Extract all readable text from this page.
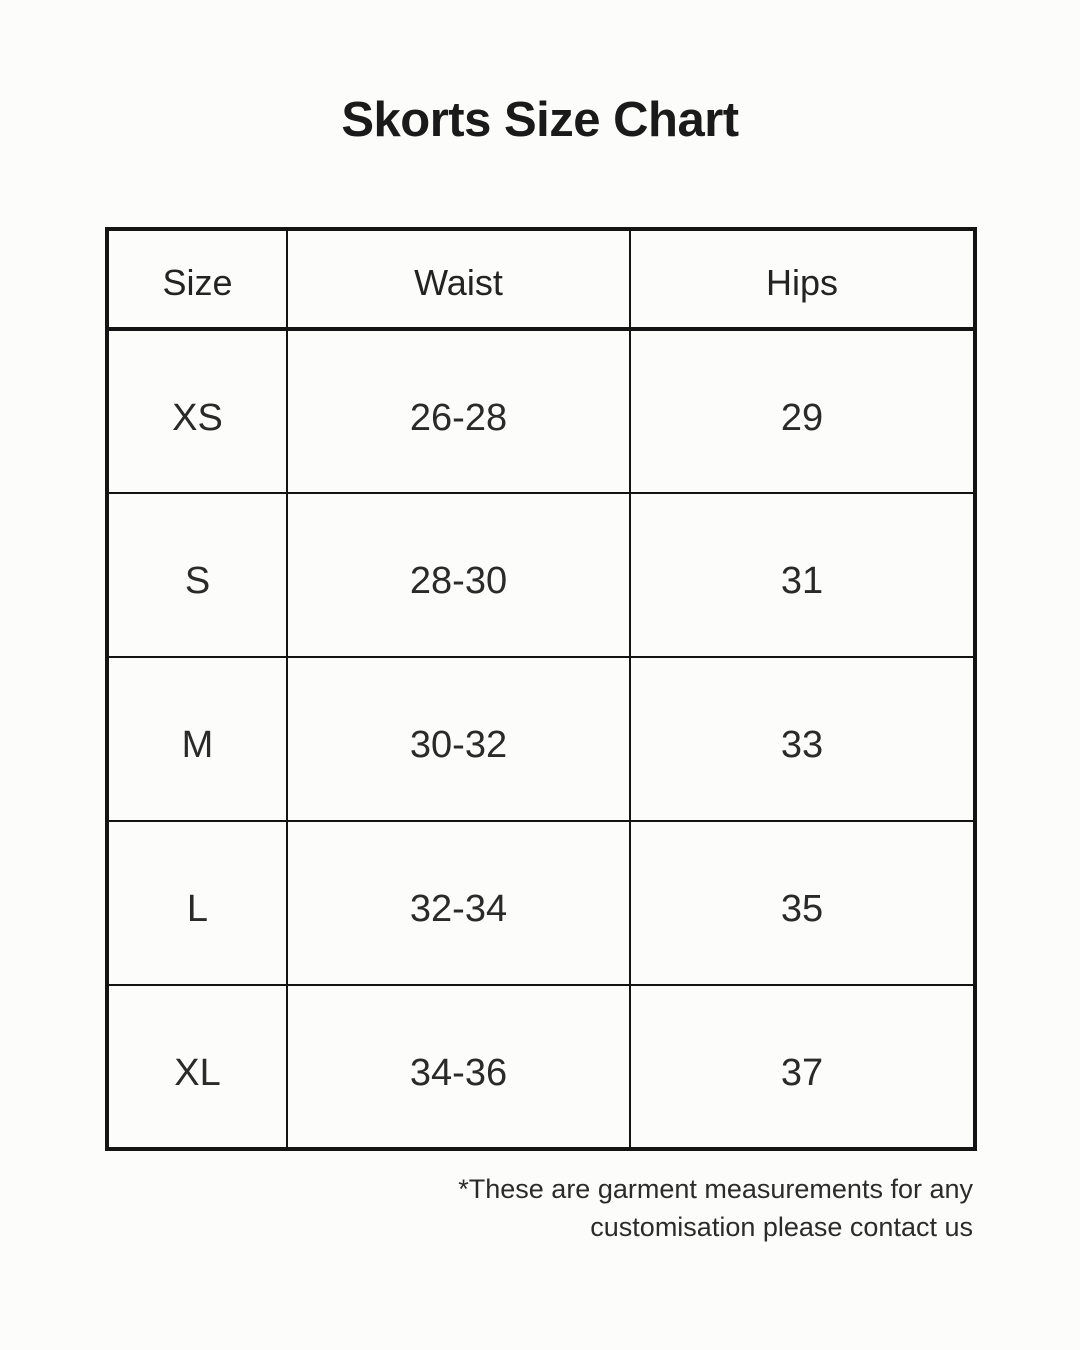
Skorts Size Chart
Size	Waist	Hips
XS	26-28	29
S	28-30	31
M	30-32	33
L	32-34	35
XL	34-36	37
*These are garment measurements for any
customisation please contact us
